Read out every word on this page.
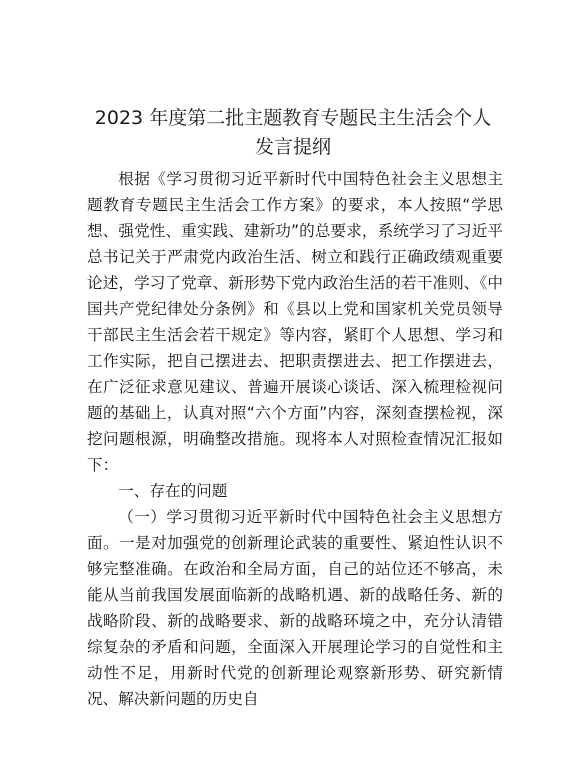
2023 年度第二批主题教育专题民主生活会个人
发言提纲

根据《学习贯彻习近平新时代中国特色社会主义思想主题教育专题民主生活会工作方案》的要求，本人按照“学思想、强党性、重实践、建新功”的总要求，系统学习了习近平总书记关于严肃党内政治生活、树立和践行正确政绩观重要论述，学习了党章、新形势下党内政治生活的若干准则、《中国共产党纪律处分条例》和《县以上党和国家机关党员领导干部民主生活会若干规定》等内容，紧盯个人思想、学习和工作实际，把自己摆进去、把职责摆进去、把工作摆进去，在广泛征求意见建议、普遍开展谈心谈话、深入梳理检视问题的基础上，认真对照“六个方面”内容，深刻查摆检视，深挖问题根源，明确整改措施。现将本人对照检查情况汇报如下：

一、存在的问题

（一）学习贯彻习近平新时代中国特色社会主义思想方面。一是对加强党的创新理论武装的重要性、紧迫性认识不够完整准确。在政治和全局方面，自己的站位还不够高，未能从当前我国发展面临新的战略机遇、新的战略任务、新的战略阶段、新的战略要求、新的战略环境之中，充分认清错综复杂的矛盾和问题，全面深入开展理论学习的自觉性和主动性不足，用新时代党的创新理论观察新形势、研究新情况、解决新问题的历史自
